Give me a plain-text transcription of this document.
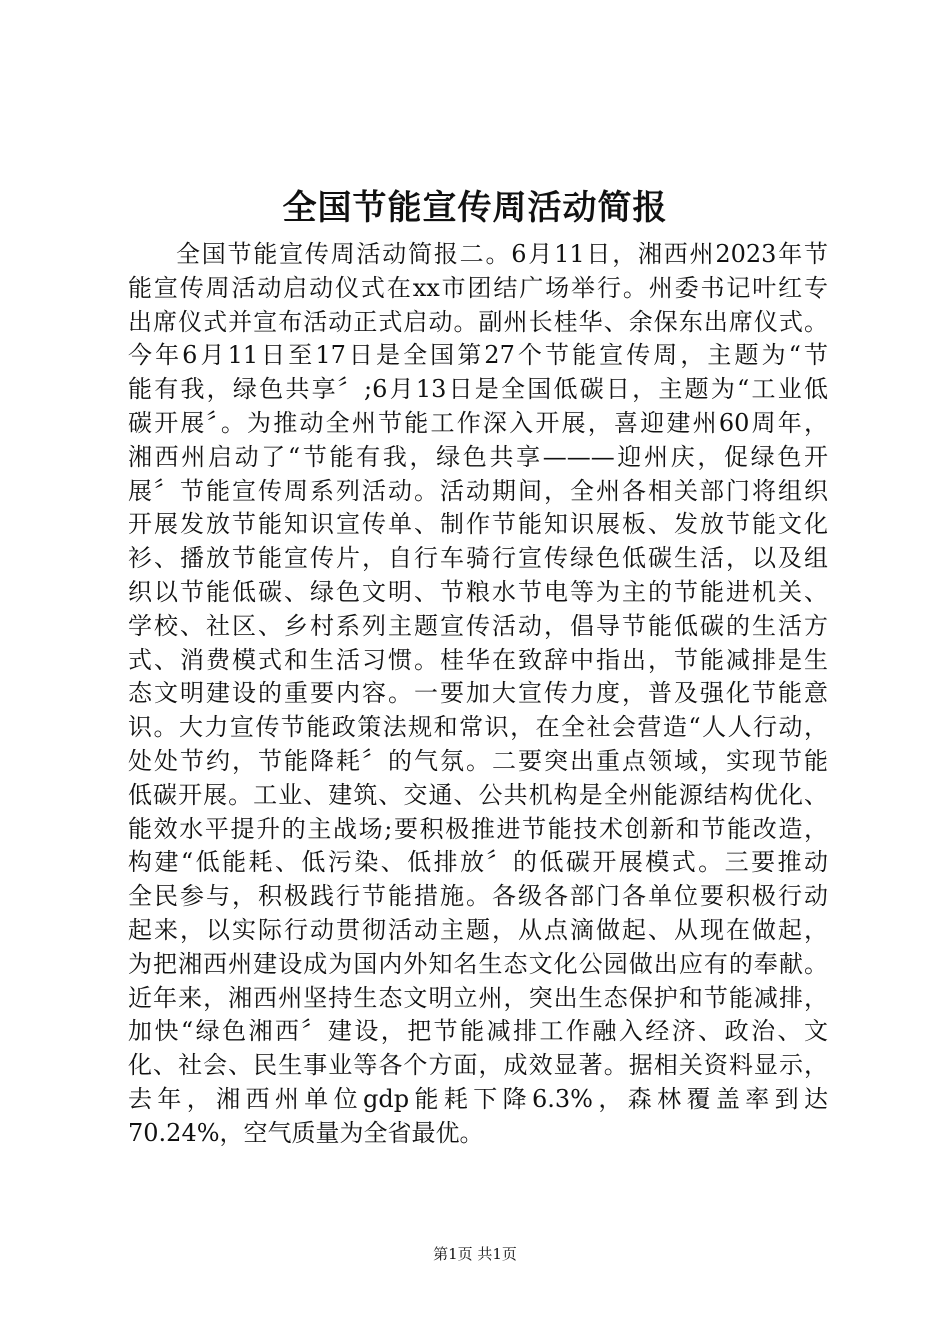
全国节能宣传周活动简报
全国节能宣传周活动简报二。6月11日，湘西州2023年节
能宣传周活动启动仪式在xx市团结广场举行。州委书记叶红专
出席仪式并宣布活动正式启动。副州长桂华、余保东出席仪式。
今年6月11日至17日是全国第27个节能宣传周，主题为“节
能有我，绿色共享〞;6月13日是全国低碳日，主题为“工业低
碳开展〞。为推动全州节能工作深入开展，喜迎建州60周年，
湘西州启动了“节能有我，绿色共享———迎州庆，促绿色开
展〞节能宣传周系列活动。活动期间，全州各相关部门将组织
开展发放节能知识宣传单、制作节能知识展板、发放节能文化
衫、播放节能宣传片，自行车骑行宣传绿色低碳生活，以及组
织以节能低碳、绿色文明、节粮水节电等为主的节能进机关、
学校、社区、乡村系列主题宣传活动，倡导节能低碳的生活方
式、消费模式和生活习惯。桂华在致辞中指出，节能减排是生
态文明建设的重要内容。一要加大宣传力度，普及强化节能意
识。大力宣传节能政策法规和常识，在全社会营造“人人行动，
处处节约，节能降耗〞的气氛。二要突出重点领域，实现节能
低碳开展。工业、建筑、交通、公共机构是全州能源结构优化、
能效水平提升的主战场;要积极推进节能技术创新和节能改造，
构建“低能耗、低污染、低排放〞的低碳开展模式。三要推动
全民参与，积极践行节能措施。各级各部门各单位要积极行动
起来，以实际行动贯彻活动主题，从点滴做起、从现在做起，
为把湘西州建设成为国内外知名生态文化公园做出应有的奉献。
近年来，湘西州坚持生态文明立州，突出生态保护和节能减排，
加快“绿色湘西〞建设，把节能减排工作融入经济、政治、文
化、社会、民生事业等各个方面，成效显著。据相关资料显示，
去年，湘西州单位gdp能耗下降6.3%，森林覆盖率到达
70.24%，空气质量为全省最优。
第1页 共1页
